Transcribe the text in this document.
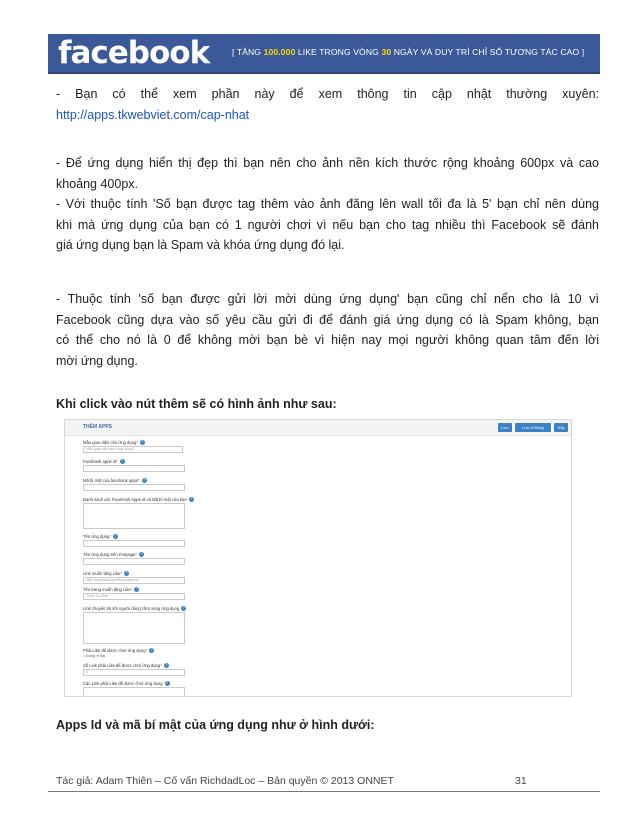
facebook	[ TĂNG 100.000 LIKE TRONG VÒNG 30 NGÀY VÀ DUY TRÌ CHỈ SỐ TƯƠNG TÁC CAO ]
- Bạn có thể xem phần này để xem thông tin cập nhật thường xuyên:
http://apps.tkwebviet.com/cap-nhat
- Để ứng dụng hiển thị đẹp thì bạn nên cho ảnh nền kích thước rộng khoảng 600px và cao
khoảng 400px.
- Với thuộc tính 'Số bạn được tag thêm vào ảnh đăng lên wall tối đa là 5' bạn chỉ nên dùng
khi mà ứng dụng của bạn có 1 người chơi vì nếu bạn cho tag nhiều thì Facebook sẽ đánh
giá ứng dụng bạn là Spam và khóa ứng dụng đó lại.
- Thuộc tính 'số bạn được gửi lời mời dùng ứng dụng' bạn cũng chỉ nển cho là 10 vì
Facebook cũng dựa vào số yêu cầu gửi đi để đánh giá ứng dụng có là Spam không, bạn
có thể cho nó là 0 để không mời bạn bè vì hiện nay mọi người không quan tâm đến lời
mời ứng dụng.
Khi click vào nút thêm sẽ có hình ảnh như sau:
THÊM APPS	Lưu	Lưu & Đóng	Hủy
Mẫu giao diện cho ứng dụng* ?
Mẫu giao diện cho ứng dụng 1
Facebook apps id* ?
Mã bí mật của facebook apps* ?
Danh sách các Facebook Apps Id và Mã bí mật của bạn ?
Tên ứng dụng* ?
Tên ứng dụng trên Fanpage* ?
Link muốn tặng Like* ?
http://facebook.com/thichcaphem
Tên trang muốn tặng Like* ?
Thích Cà Phê
Link chuyển tới khi người dùng chơi xong ứng dụng ?
Phải Like để được chơi ứng dụng* ?
○ Đúng  ● Sai
Số Link phải Like để được chơi ứng dụng* ?
0
Các Link phải Like để được chơi ứng dụng ?
Apps Id và mã bí mật của ứng dụng như ở hình dưới:
Tác giả: Adam Thiên – Cố vấn RichdadLoc – Bản quyền © 2013 ONNET	31
